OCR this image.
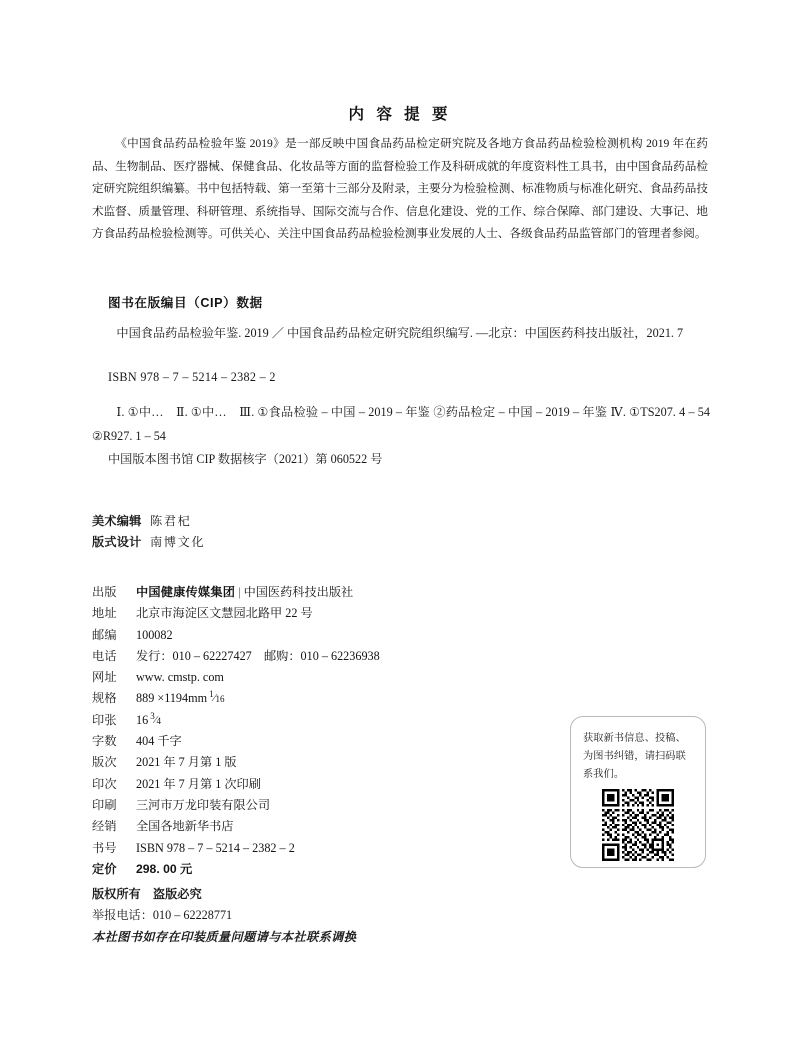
内 容 提 要
《中国食品药品检验年鉴 2019》是一部反映中国食品药品检定研究院及各地方食品药品检验检测机构 2019 年在药品、生物制品、医疗器械、保健食品、化妆品等方面的监督检验工作及科研成就的年度资料性工具书，由中国食品药品检定研究院组织编纂。书中包括特载、第一至第十三部分及附录，主要分为检验检测、标准物质与标准化研究、食品药品技术监督、质量管理、科研管理、系统指导、国际交流与合作、信息化建设、党的工作、综合保障、部门建设、大事记、地方食品药品检验检测等。可供关心、关注中国食品药品检验检测事业发展的人士、各级食品药品监管部门的管理者参阅。
图书在版编目（CIP）数据
中国食品药品检验年鉴. 2019 ／ 中国食品药品检定研究院组织编写. —北京：中国医药科技出版社，2021. 7
ISBN 978 – 7 – 5214 – 2382 – 2
Ⅰ. ①中…　Ⅱ. ①中…　Ⅲ. ①食品检验 – 中国 – 2019 – 年鉴 ②药品检定 – 中国 – 2019 – 年鉴 Ⅳ. ①TS207. 4 – 54 ②R927. 1 – 54
中国版本图书馆 CIP 数据核字（2021）第 060522 号
美术编辑 陈君杞
版式设计 南博文化
出版	中国健康传媒集团 | 中国医药科技出版社
地址	北京市海淀区文慧园北路甲 22 号
邮编	100082
电话	发行：010 – 62227427　邮购：010 – 62236938
网址	www. cmstp. com
规格	889 ×1194mm $^1⁄_{16}$
印张	16 $^3⁄_4$
字数	404 千字
版次	2021 年 7 月第 1 版
印次	2021 年 7 月第 1 次印刷
印刷	三河市万龙印装有限公司
经销	全国各地新华书店
书号	ISBN 978 – 7 – 5214 – 2382 – 2
定价	298. 00 元
版权所有　盗版必究
举报电话：010 – 62228771
本社图书如存在印装质量问题请与本社联系调换
获取新书信息、投稿、为图书纠错，请扫码联系我们。
